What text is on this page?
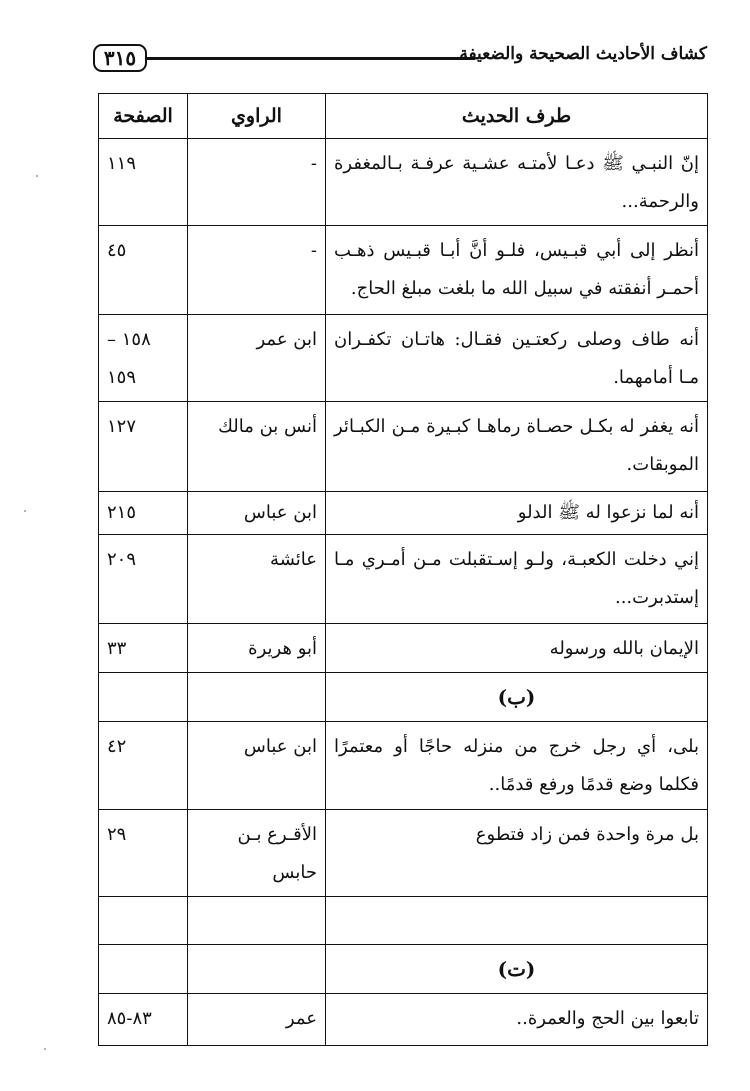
٣١٥	كشاف الأحاديث الصحيحة والضعيفة
طرف الحديث	الراوي	الصفحة
إنّ النبـي ﷺ دعـا لأمتـه عشـية عرفـة بـالمغفرة والرحمة...	-	١١٩
أنظر إلى أبي قبـيس، فلـو أنَّ أبـا قبـيس ذهـب أحمـر أنفقته في سبيل الله ما بلغت مبلغ الحاج.	-	٤٥
أنه طاف وصلى ركعتـين فقـال: هاتـان تكفـران مـا أمامهما.	ابن عمر	١٥٨ – ١٥٩
أنه يغفر له بكـل حصـاة رماهـا كبـيرة مـن الكبـائر الموبقات.	أنس بن مالك	١٢٧
أنه لما نزعوا له ﷺ الدلو	ابن عباس	٢١٥
إني دخلت الكعبـة، ولـو إسـتقبلت مـن أمـري مـا إستدبرت...	عائشة	٢٠٩
الإيمان بالله ورسوله	أبو هريرة	٣٣
(ب)		
بلى، أي رجل خرج من منزله حاجًا أو معتمرًا فكلما وضع قدمًا ورفع قدمًا..	ابن عباس	٤٢
بل مرة واحدة فمن زاد فتطوع	الأقـرع بـن حابس	٢٩

(ت)		
تابعوا بين الحج والعمرة..	عمر	٨٣-٨٥
